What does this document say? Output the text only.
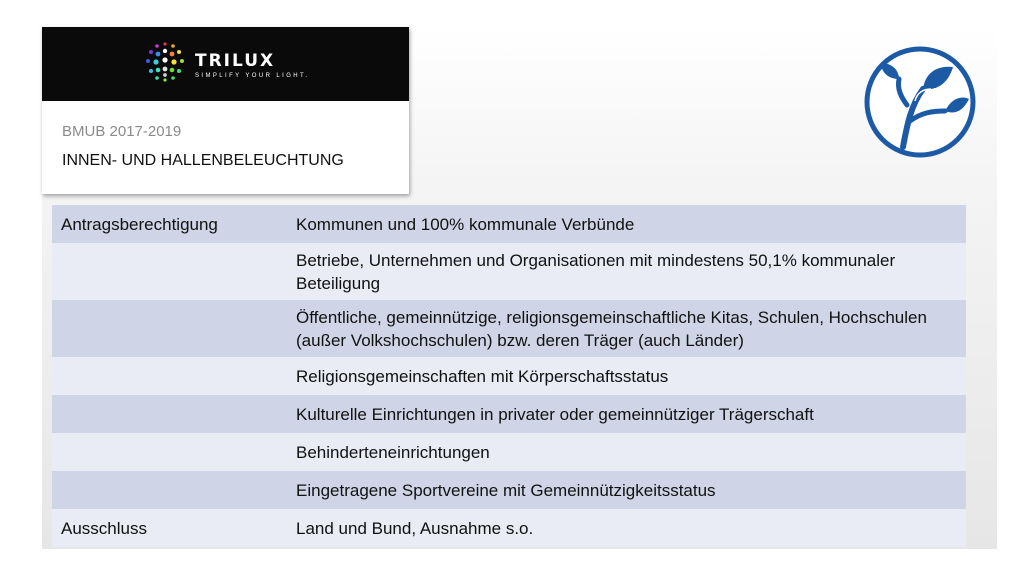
TRILUX
SIMPLIFY YOUR LIGHT.
BMUB 2017-2019
INNEN- UND HALLENBELEUCHTUNG
Antragsberechtigung	Kommunen und 100% kommunale Verbünde
	Betriebe, Unternehmen und Organisationen mit mindestens 50,1% kommunaler Beteiligung
	Öffentliche, gemeinnützige, religionsgemeinschaftliche Kitas, Schulen, Hochschulen (außer Volkshochschulen) bzw. deren Träger (auch Länder)
	Religionsgemeinschaften mit Körperschaftsstatus
	Kulturelle Einrichtungen in privater oder gemeinnütziger Trägerschaft
	Behinderteneinrichtungen
	Eingetragene Sportvereine mit Gemeinnützigkeitsstatus
Ausschluss	Land und Bund, Ausnahme s.o.
